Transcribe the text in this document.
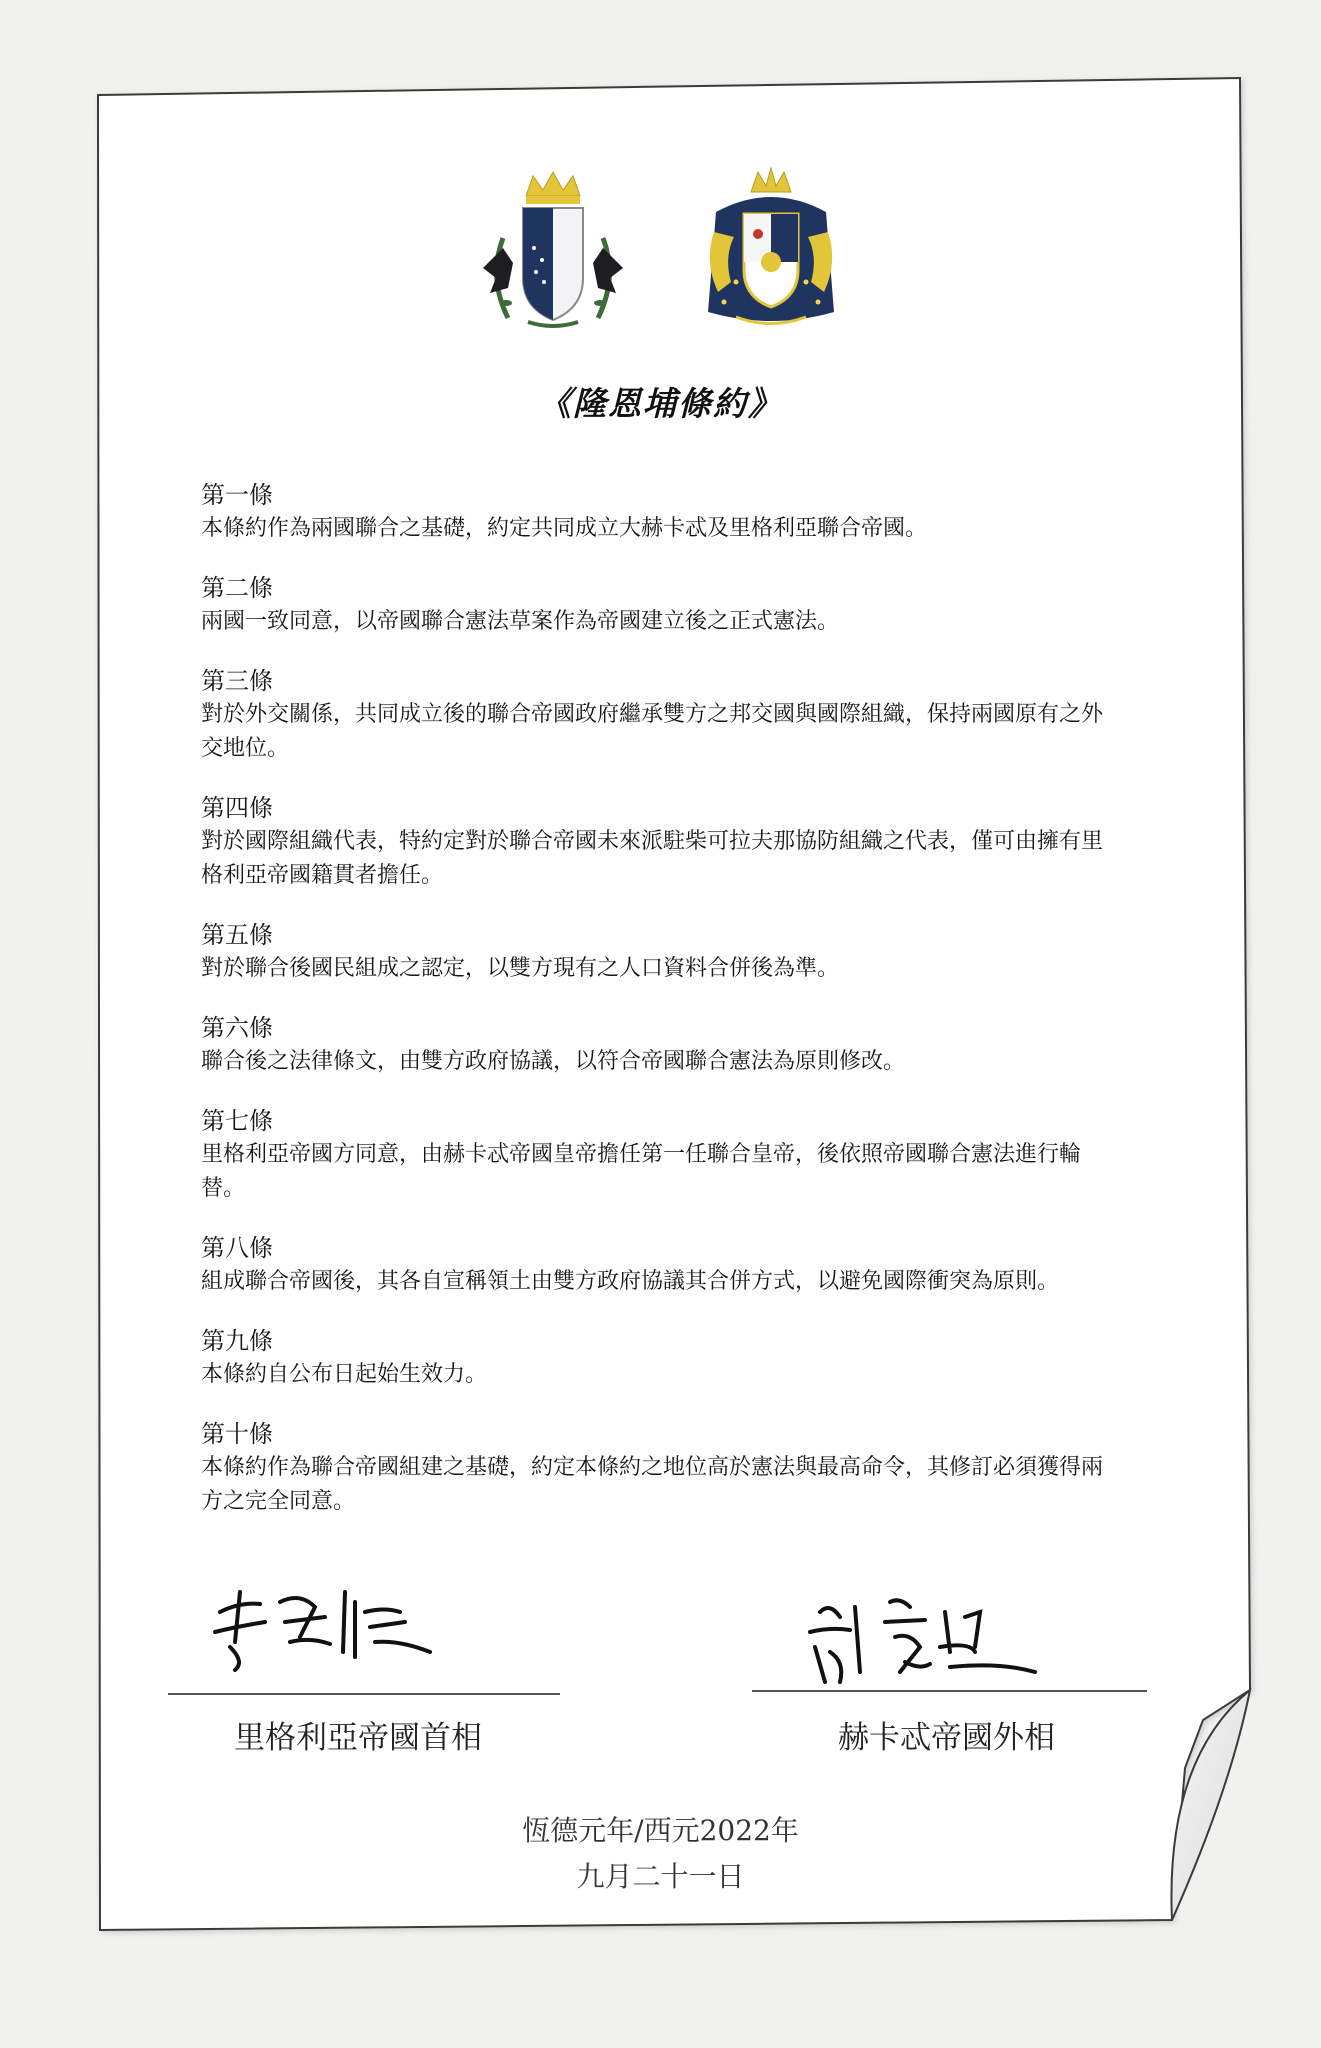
《隆恩埔條約》
第一條
本條約作為兩國聯合之基礎，約定共同成立大赫卡忒及里格利亞聯合帝國。
第二條
兩國一致同意，以帝國聯合憲法草案作為帝國建立後之正式憲法。
第三條
對於外交關係，共同成立後的聯合帝國政府繼承雙方之邦交國與國際組織，保持兩國原有之外交地位。
第四條
對於國際組織代表，特約定對於聯合帝國未來派駐柴可拉夫那協防組織之代表，僅可由擁有里格利亞帝國籍貫者擔任。
第五條
對於聯合後國民組成之認定，以雙方現有之人口資料合併後為準。
第六條
聯合後之法律條文，由雙方政府協議，以符合帝國聯合憲法為原則修改。
第七條
里格利亞帝國方同意，由赫卡忒帝國皇帝擔任第一任聯合皇帝，後依照帝國聯合憲法進行輪替。
第八條
組成聯合帝國後，其各自宣稱領土由雙方政府協議其合併方式，以避免國際衝突為原則。
第九條
本條約自公布日起始生效力。
第十條
本條約作為聯合帝國組建之基礎，約定本條約之地位高於憲法與最高命令，其修訂必須獲得兩方之完全同意。
里格利亞帝國首相	赫卡忒帝國外相
恆德元年/西元2022年
九月二十一日
